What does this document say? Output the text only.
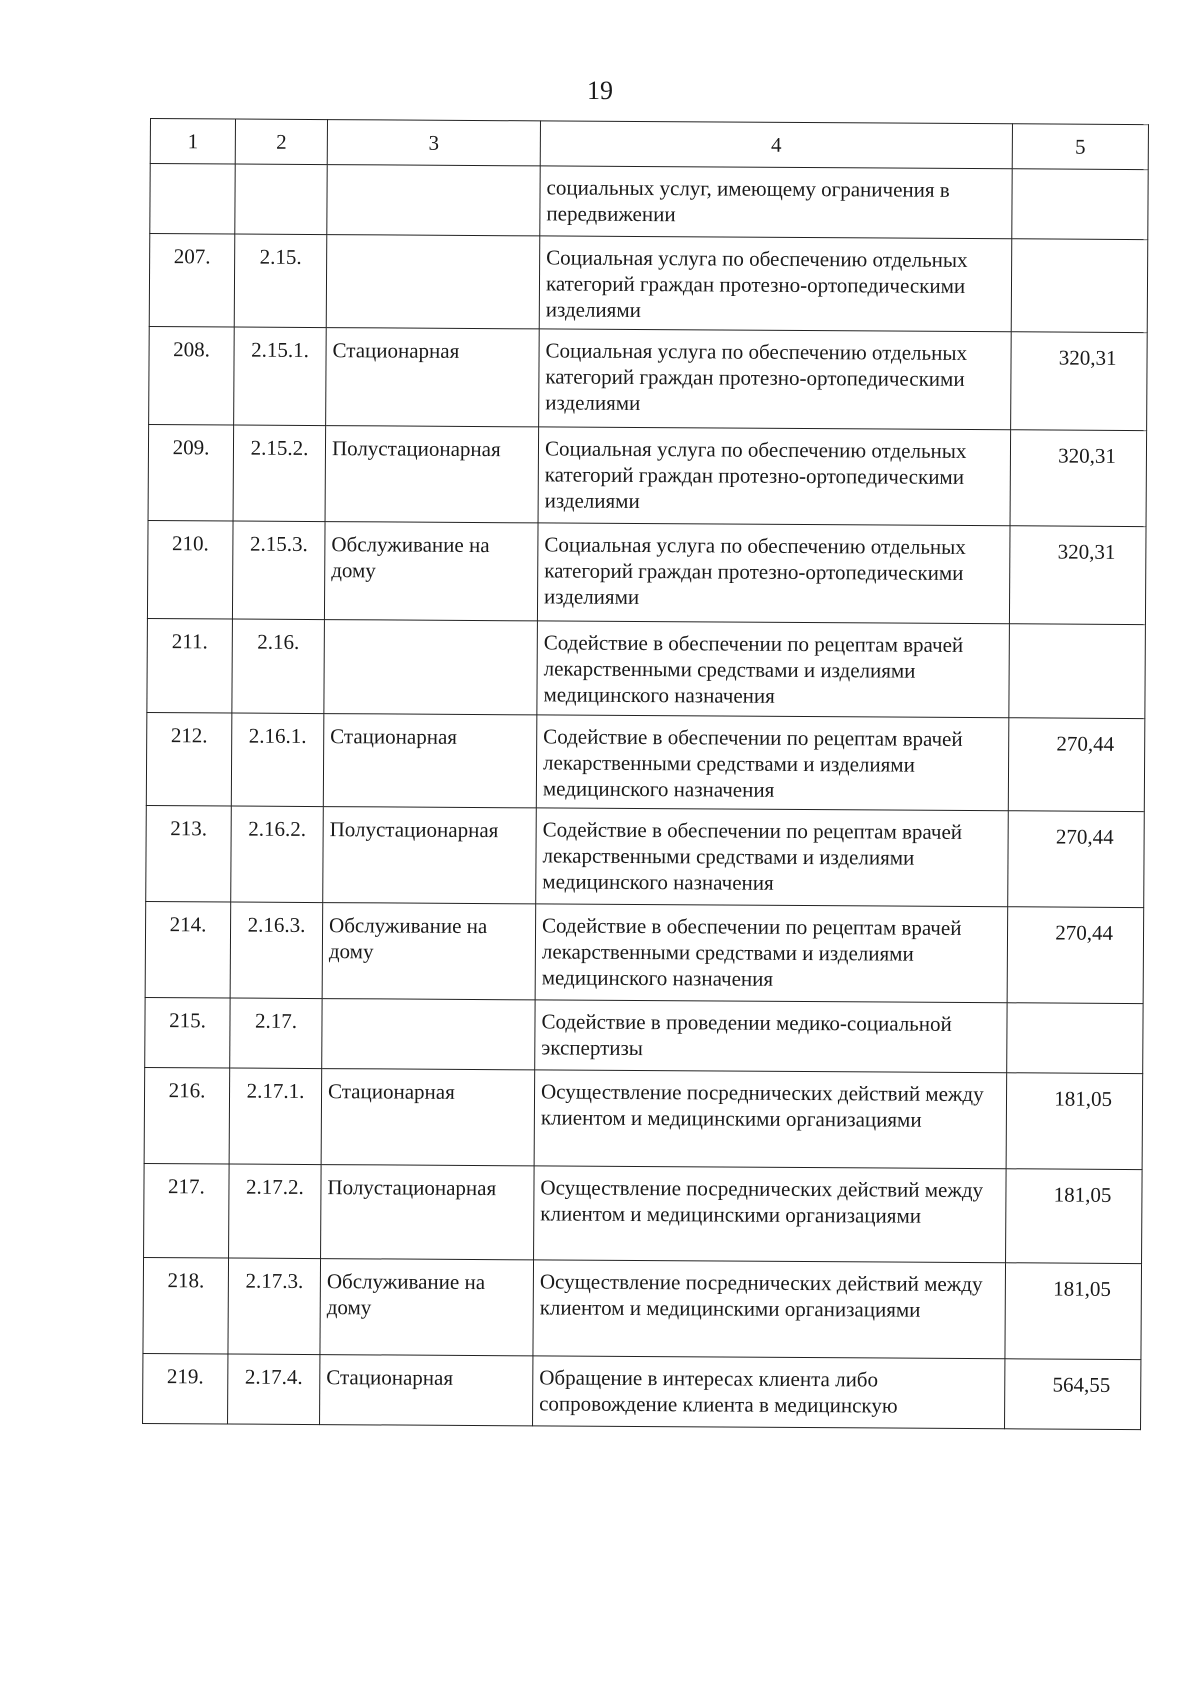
19
1	2	3	4	5
			социальных услуг, имеющему ограничения в передвижении	
207.	2.15.		Социальная услуга по обеспечению отдельных категорий граждан протезно-ортопедическими изделиями	
208.	2.15.1.	Стационарная	Социальная услуга по обеспечению отдельных категорий граждан протезно-ортопедическими изделиями	320,31
209.	2.15.2.	Полустационарная	Социальная услуга по обеспечению отдельных категорий граждан протезно-ортопедическими изделиями	320,31
210.	2.15.3.	Обслуживание на дому	Социальная услуга по обеспечению отдельных категорий граждан протезно-ортопедическими изделиями	320,31
211.	2.16.		Содействие в обеспечении по рецептам врачей лекарственными средствами и изделиями медицинского назначения	
212.	2.16.1.	Стационарная	Содействие в обеспечении по рецептам врачей лекарственными средствами и изделиями медицинского назначения	270,44
213.	2.16.2.	Полустационарная	Содействие в обеспечении по рецептам врачей лекарственными средствами и изделиями медицинского назначения	270,44
214.	2.16.3.	Обслуживание на дому	Содействие в обеспечении по рецептам врачей лекарственными средствами и изделиями медицинского назначения	270,44
215.	2.17.		Содействие в проведении медико-социальной экспертизы	
216.	2.17.1.	Стационарная	Осуществление посреднических действий между клиентом и медицинскими организациями	181,05
217.	2.17.2.	Полустационарная	Осуществление посреднических действий между клиентом и медицинскими организациями	181,05
218.	2.17.3.	Обслуживание на дому	Осуществление посреднических действий между клиентом и медицинскими организациями	181,05
219.	2.17.4.	Стационарная	Обращение в интересах клиента либо сопровождение клиента в медицинскую	564,55
